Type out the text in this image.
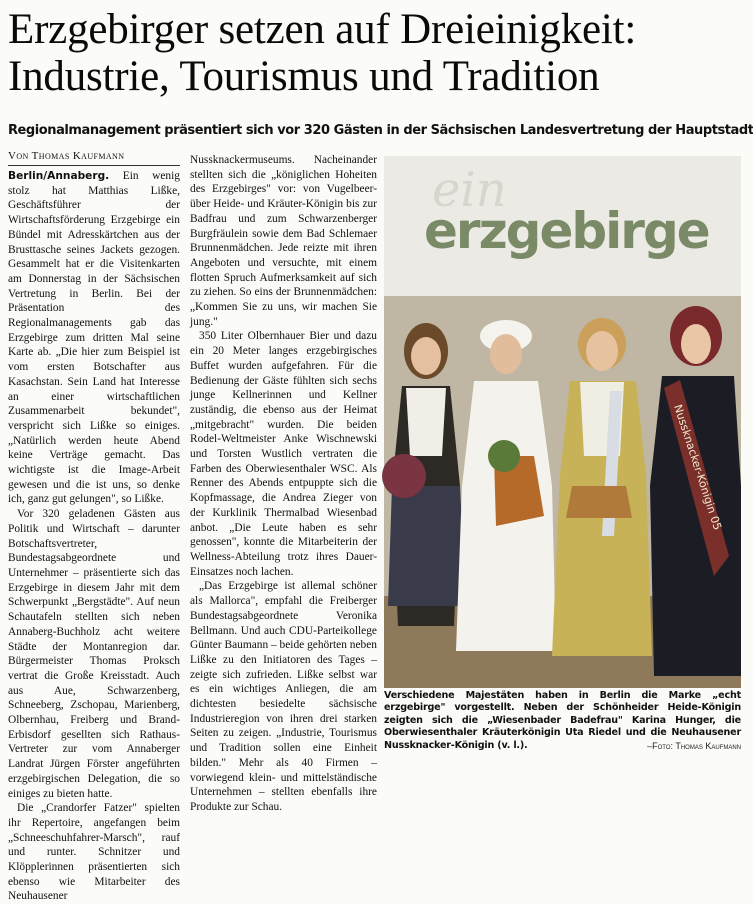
Erzgebirger setzen auf Dreieinigkeit: Industrie, Tourismus und Tradition
Regionalmanagement präsentiert sich vor 320 Gästen in der Sächsischen Landesvertretung der Hauptstadt
Von Thomas Kaufmann

Berlin/Annaberg. Ein wenig stolz hat Matthias Lißke, Geschäftsführer der Wirtschaftsförderung Erzgebirge ein Bündel mit Adresskärtchen aus der Brusttasche seines Jackets gezogen. Gesammelt hat er die Visitenkarten am Donnerstag in der Sächsischen Vertretung in Berlin. Bei der Präsentation des Regionalmanagements gab das Erzgebirge zum dritten Mal seine Karte ab. „Die hier zum Beispiel ist vom ersten Botschafter aus Kasachstan. Sein Land hat Interesse an einer wirtschaftlichen Zusammenarbeit bekundet", verspricht sich Lißke so einiges. „Natürlich werden heute Abend keine Verträge gemacht. Das wichtigste ist die Image-Arbeit gewesen und die ist uns, so denke ich, ganz gut gelungen", so Lißke.

Vor 320 geladenen Gästen aus Politik und Wirtschaft – darunter Botschaftsvertreter, Bundestagsabgeordnete und Unternehmer – präsentierte sich das Erzgebirge in diesem Jahr mit dem Schwerpunkt „Bergstädte". Auf neun Schautafeln stellten sich neben Annaberg-Buchholz acht weitere Städte der Montanregion dar. Bürgermeister Thomas Proksch vertrat die Große Kreisstadt. Auch aus Aue, Schwarzenberg, Schneeberg, Zschopau, Marienberg, Olbernhau, Freiberg und Brand-Erbisdorf gesellten sich Rathaus-Vertreter zur vom Annaberger Landrat Jürgen Förster angeführten erzgebirgischen Delegation, die so einiges zu bieten hatte.

Die „Crandorfer Fatzer" spielten ihr Repertoire, angefangen beim „Schneeschuhfahrer-Marsch", rauf und runter. Schnitzer und Klöpplerinnen präsentierten sich ebenso wie Mitarbeiter des Neuhausener

Nussknackermuseums. Nacheinander stellten sich die „königlichen Hoheiten des Erzgebirges" vor: von Vugelbeer- über Heide- und Kräuter-Königin bis zur Badfrau und zum Schwarzenberger Burgfräulein sowie dem Bad Schlemaer Brunnenmädchen. Jede reizte mit ihren Angeboten und versuchte, mit einem flotten Spruch Aufmerksamkeit auf sich zu ziehen. So eins der Brunnenmädchen: „Kommen Sie zu uns, wir machen Sie jung."

350 Liter Olbernhauer Bier und dazu ein 20 Meter langes erzgebirgisches Buffet wurden aufgefahren. Für die Bedienung der Gäste fühlten sich sechs junge Kellnerinnen und Kellner zuständig, die ebenso aus der Heimat „mitgebracht" wurden. Die beiden Rodel-Weltmeister Anke Wischnewski und Torsten Wustlich vertraten die Farben des Oberwiesenthaler WSC. Als Renner des Abends entpuppte sich die Kopfmassage, die Andrea Zieger von der Kurklinik Thermalbad Wiesenbad anbot. „Die Leute haben es sehr genossen", konnte die Mitarbeiterin der Wellness-Abteilung trotz ihres Dauer-Einsatzes noch lachen.

„Das Erzgebirge ist allemal schöner als Mallorca", empfahl die Freiberger Bundestagsabgeordnete Veronika Bellmann. Und auch CDU-Parteikollege Günter Baumann – beide gehörten neben Lißke zu den Initiatoren des Tages – zeigte sich zufrieden. Lißke selbst war es ein wichtiges Anliegen, die am dichtesten besiedelte sächsische Industrieregion von ihren drei starken Seiten zu zeigen. „Industrie, Tourismus und Tradition sollen eine Einheit bilden." Mehr als 40 Firmen – vorwiegend klein- und mittelständische Unternehmen – stellten ebenfalls ihre Produkte zur Schau.

ein
erzgebirge
Nussknacker-Königin 05
Verschiedene Majestäten haben in Berlin die Marke „echt erzgebirge" vorgestellt. Neben der Schönheider Heide-Königin zeigten sich die „Wiesenbader Badefrau" Karina Hunger, die Oberwiesenthaler Kräuterkönigin Uta Riedel und die Neuhausener Nussknacker-Königin (v. l.).	–Foto: Thomas Kaufmann
